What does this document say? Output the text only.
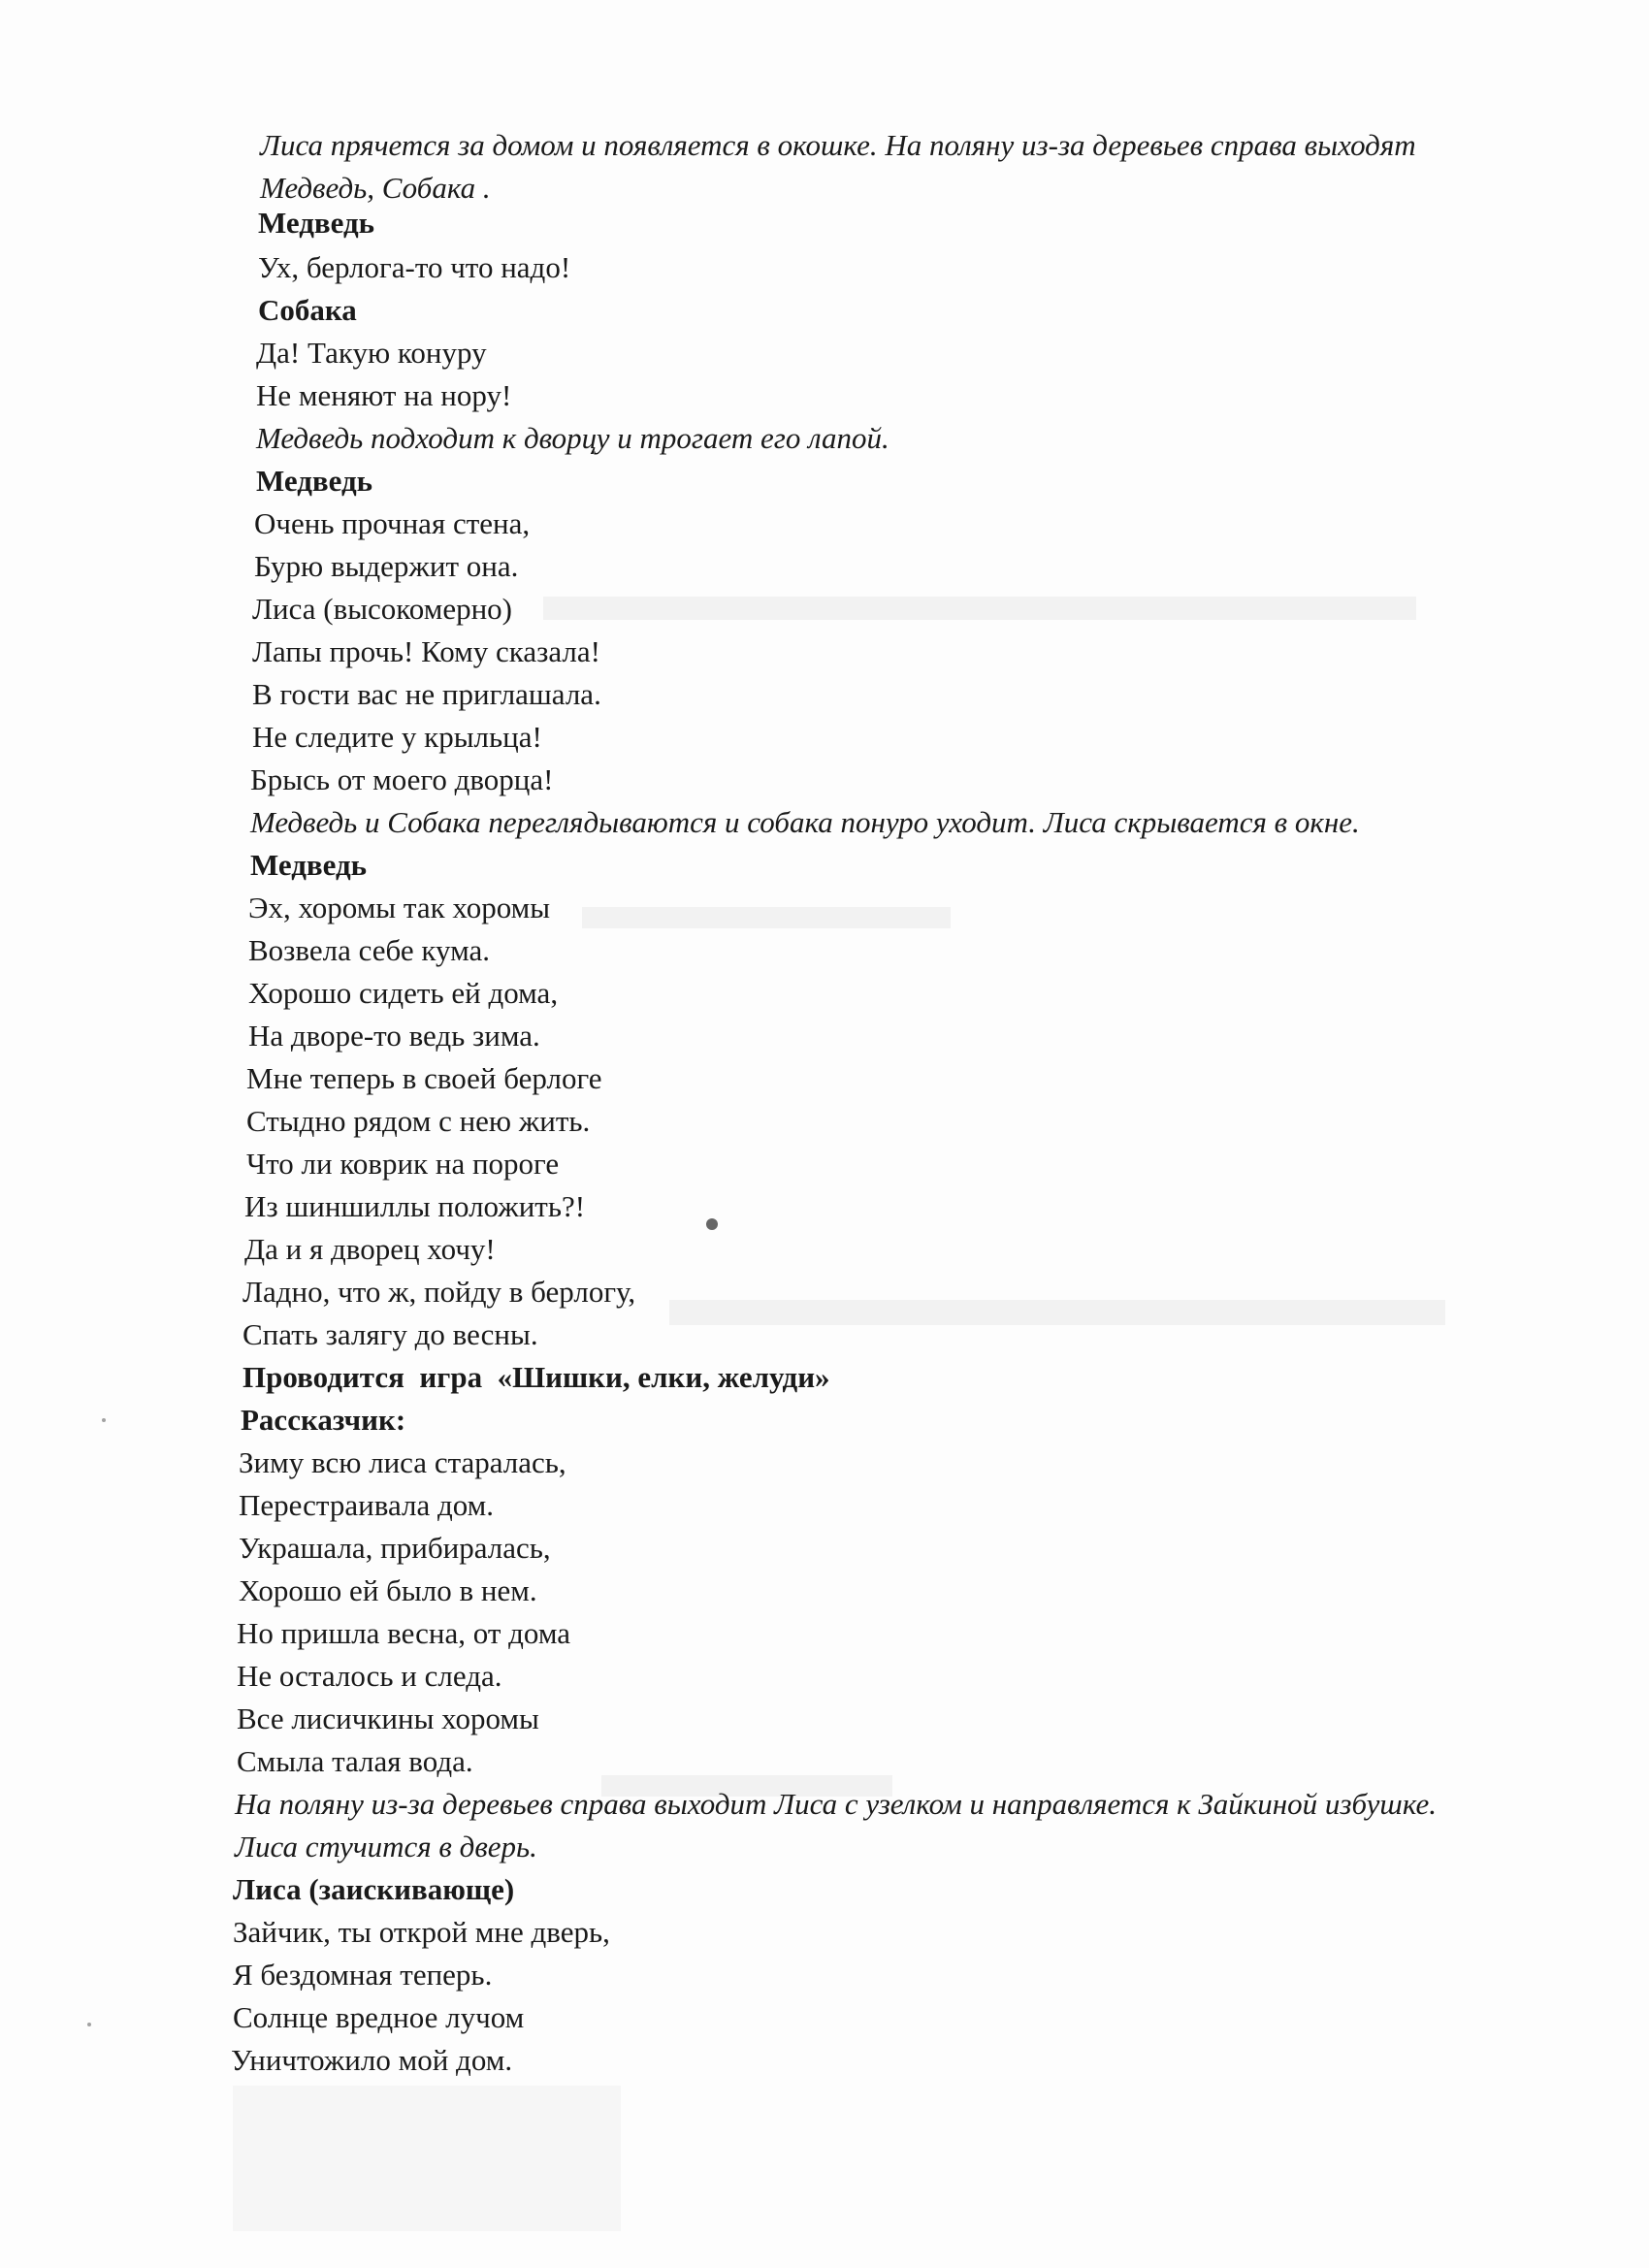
Лиса прячется за домом и появляется в окошке. На поляну из-за деревьев справа выходят Медведь, Собака .
Медведь
Ух, берлога-то что надо!
Собака
Да! Такую конуру
Не меняют на нору!
Медведь подходит к дворцу и трогает его лапой.
Медведь
Очень прочная стена,
Бурю выдержит она.
Лиса (высокомерно)
Лапы прочь! Кому сказала!
В гости вас не приглашала.
Не следите у крыльца!
Брысь от моего дворца!
Медведь и Собака переглядываются и собака понуро уходит. Лиса скрывается в окне.
Медведь
Эх, хоромы так хоромы
Возвела себе кума.
Хорошо сидеть ей дома,
На дворе-то ведь зима.
Мне теперь в своей берлоге
Стыдно рядом с нею жить.
Что ли коврик на пороге
Из шиншиллы положить?!
Да и я дворец хочу!
Ладно, что ж, пойду в берлогу,
Спать залягу до весны.
Проводится  игра  «Шишки, елки, желуди»
Рассказчик:
Зиму всю лиса старалась,
Перестраивала дом.
Украшала, прибиралась,
Хорошо ей было в нем.
Но пришла весна, от дома
Не осталось и следа.
Все лисичкины хоромы
Смыла талая вода.
На поляну из-за деревьев справа выходит Лиса с узелком и направляется к Зайкиной избушке. Лиса стучится в дверь.
Лиса (заискивающе)
Зайчик, ты открой мне дверь,
Я бездомная теперь.
Солнце вредное лучом
Уничтожило мой дом.
